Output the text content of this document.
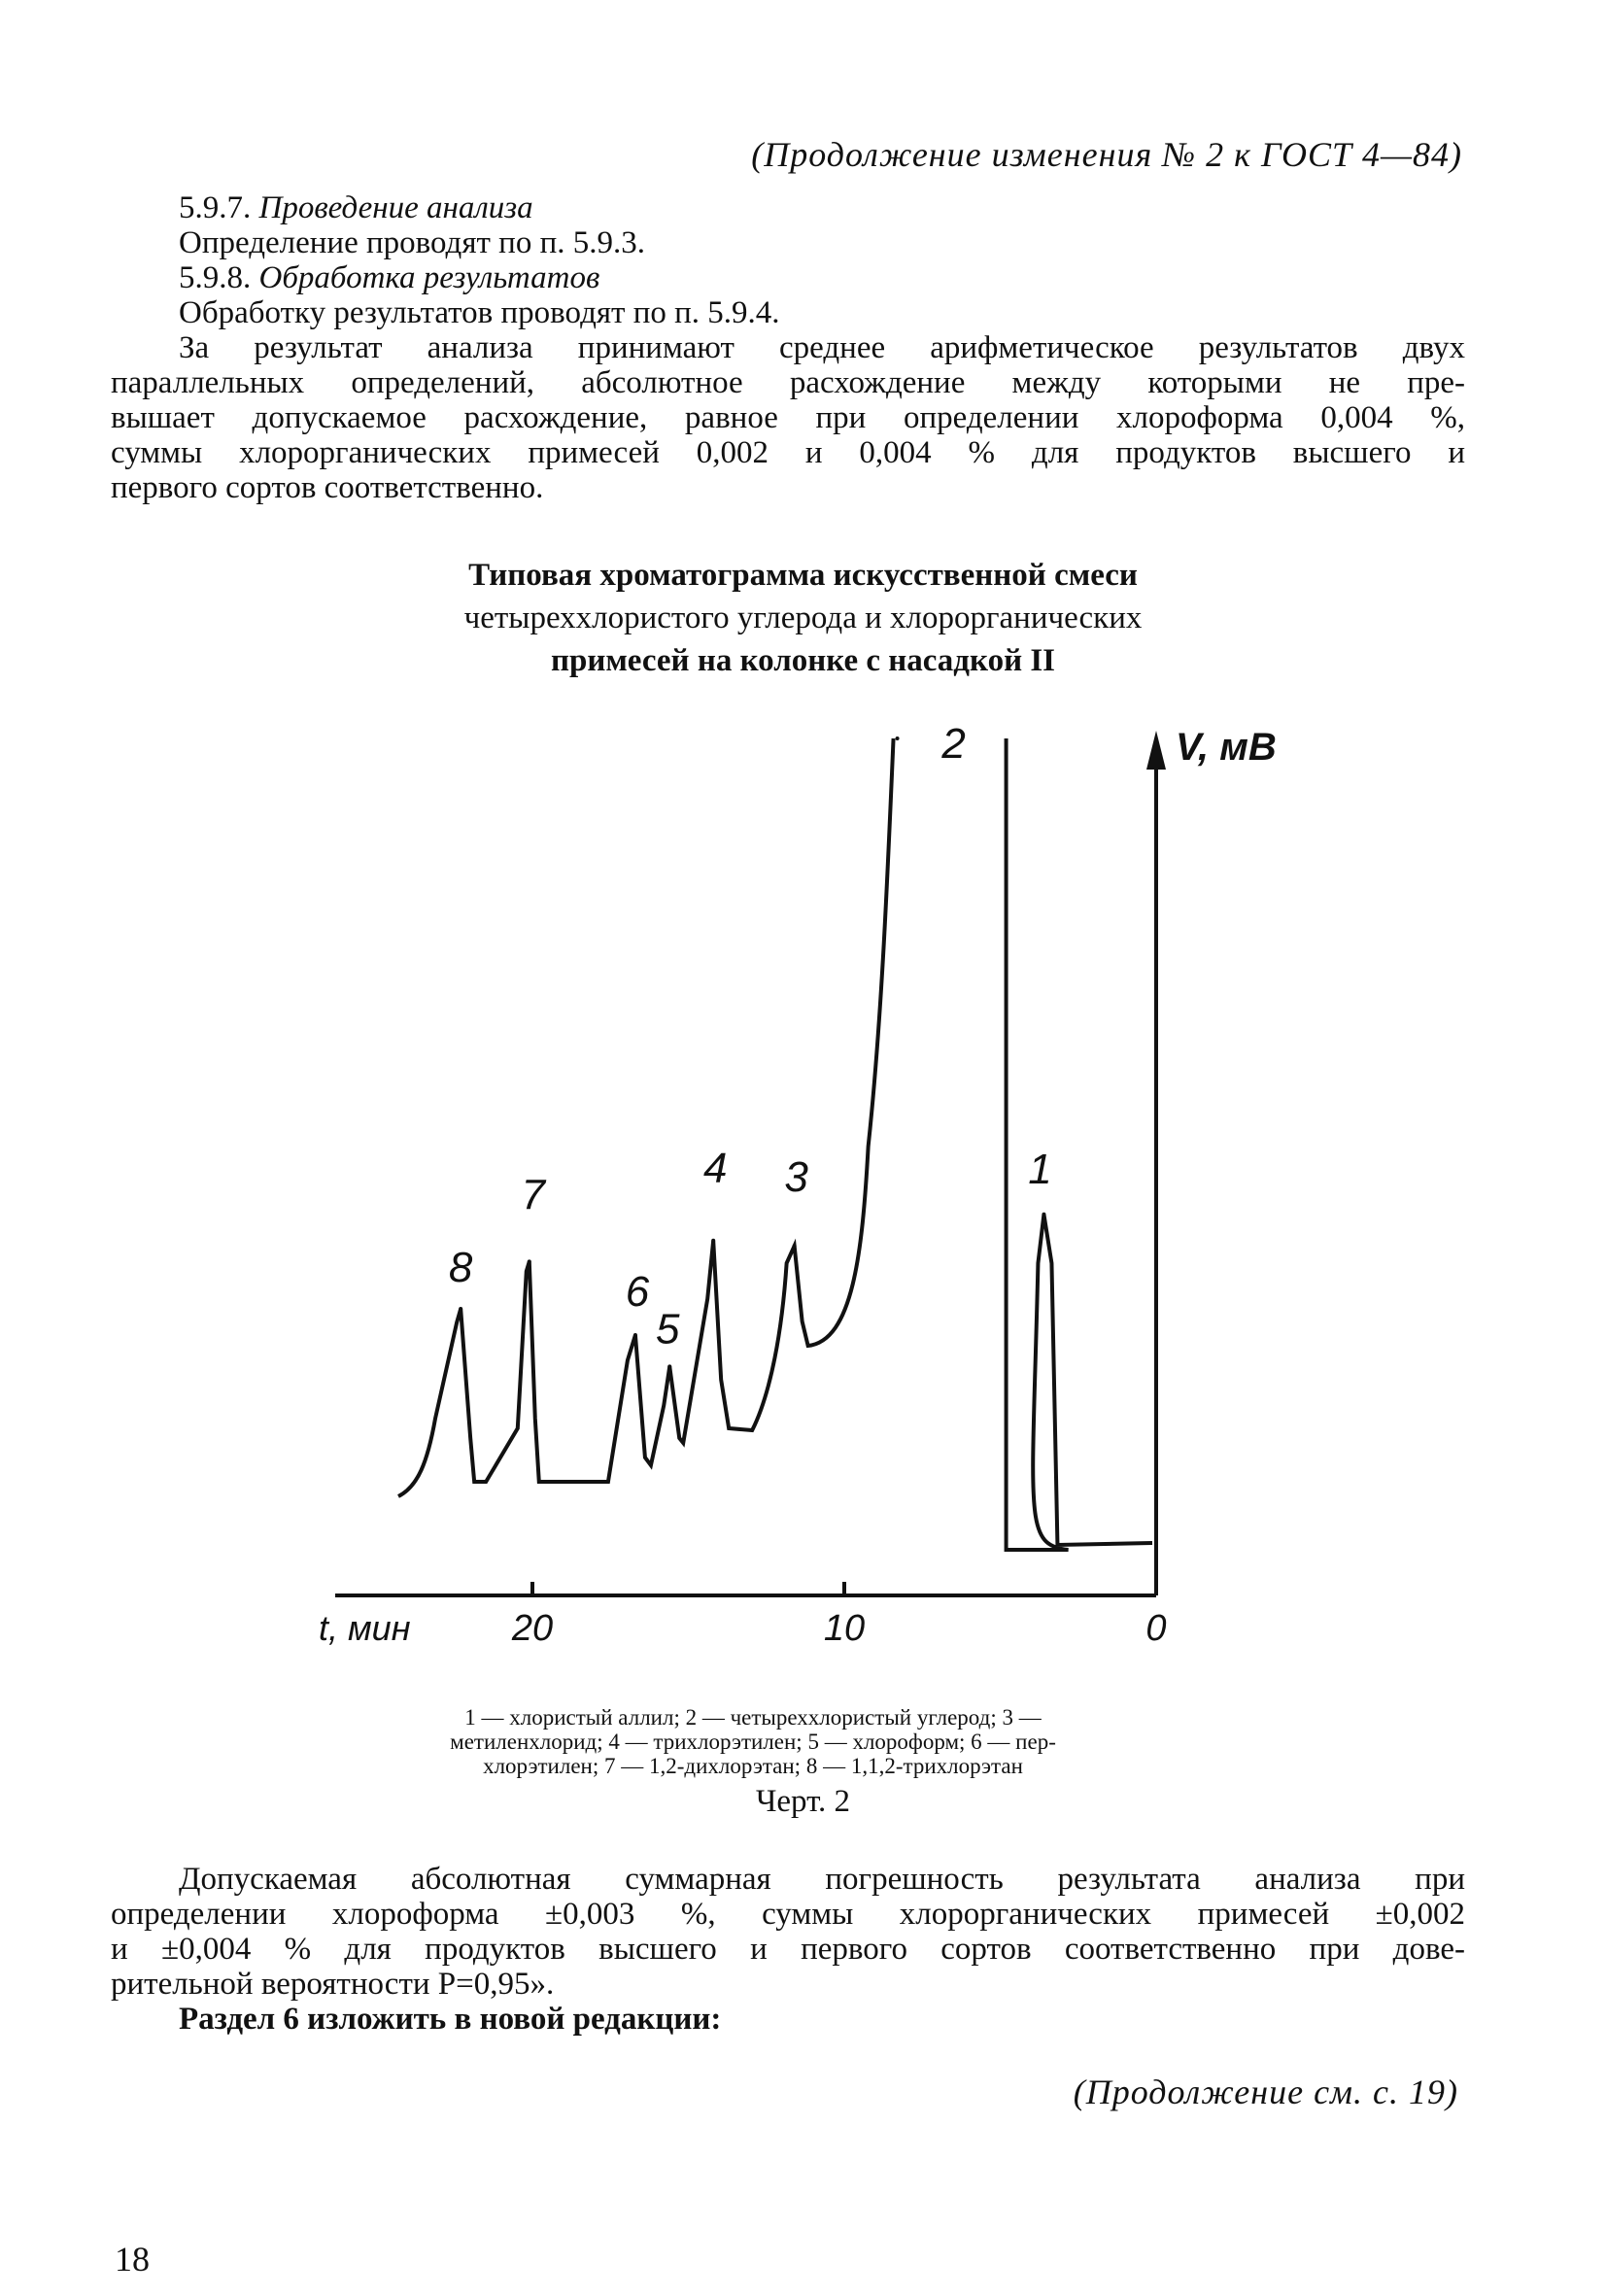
(Продолжение изменения № 2 к ГОСТ 4—84)
5.9.7. Проведение анализа
Определение проводят по п. 5.9.3.
5.9.8. Обработка результатов
Обработку результатов проводят по п. 5.9.4.
За результат анализа принимают среднее арифметическое результатов двух
параллельных определений, абсолютное расхождение между которыми не пре-
вышает допускаемое расхождение, равное при определении хлороформа 0,004 %,
суммы хлорорганических примесей 0,002 и 0,004 % для продуктов высшего и
первого сортов соответственно.
Типовая хроматограмма искусственной смеси
четыреххлористого углерода и хлорорганических
примесей на колонке с насадкой II
20	10	0
V, мВ
t, мин
1
2
3
4
5
6
7
8
1 — хлористый аллил; 2 — четыреххлористый углерод; 3 —
метиленхлорид; 4 — трихлорэтилен; 5 — хлороформ; 6 — пер-
хлорэтилен; 7 — 1,2-дихлорэтан; 8 — 1,1,2-трихлорэтан
Черт. 2
Допускаемая абсолютная суммарная погрешность результата анализа при
определении хлороформа ±0,003 %, суммы хлорорганических примесей ±0,002
и ±0,004 % для продуктов высшего и первого сортов соответственно при дове-
рительной вероятности P=0,95».
Раздел 6 изложить в новой редакции:
(Продолжение см. с. 19)
18
